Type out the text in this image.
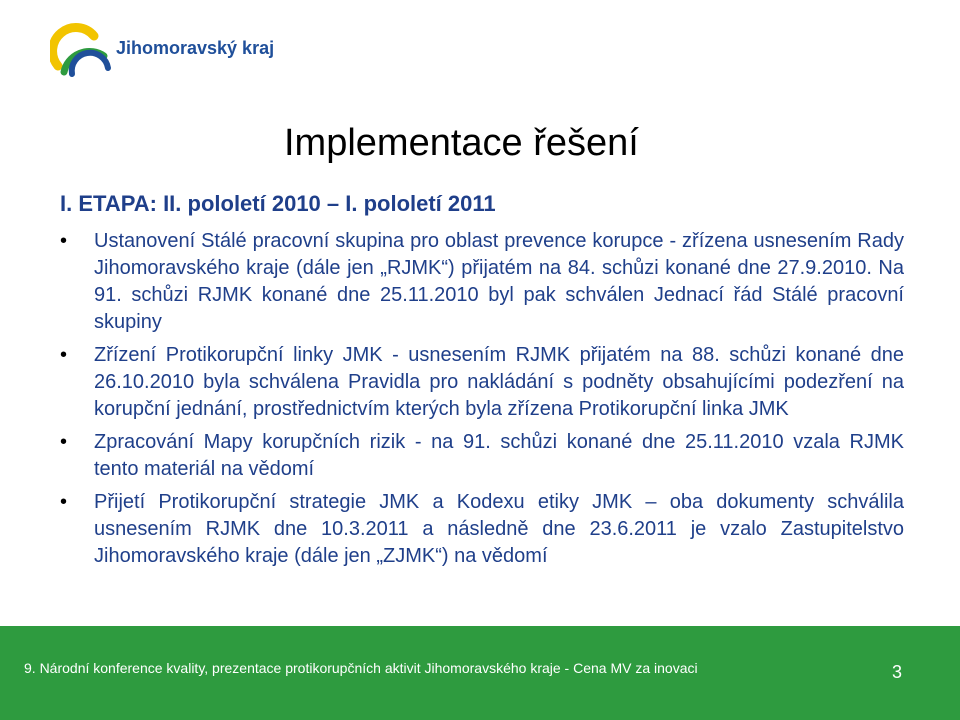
Jihomoravský kraj
Implementace řešení
I. ETAPA: II. pololetí 2010 – I. pololetí 2011
• Ustanovení Stálé pracovní skupina pro oblast prevence korupce - zřízena usnesením Rady Jihomoravského kraje (dále jen „RJMK“) přijatém na 84. schůzi konané dne 27.9.2010. Na 91. schůzi RJMK konané dne 25.11.2010 byl pak schválen Jednací řád Stálé pracovní skupiny
• Zřízení Protikorupční linky JMK - usnesením RJMK přijatém na 88. schůzi konané dne 26.10.2010 byla schválena Pravidla pro nakládání s podněty obsahujícími podezření na korupční jednání, prostřednictvím kterých byla zřízena Protikorupční linka JMK
• Zpracování Mapy korupčních rizik - na 91. schůzi konané dne 25.11.2010 vzala RJMK tento materiál na vědomí
• Přijetí Protikorupční strategie JMK a Kodexu etiky JMK – oba dokumenty schválila usnesením RJMK dne 10.3.2011 a následně dne 23.6.2011 je vzalo Zastupitelstvo Jihomoravského kraje (dále jen „ZJMK“) na vědomí
9. Národní konference kvality, prezentace protikorupčních aktivit Jihomoravského kraje - Cena MV za inovaci	3
